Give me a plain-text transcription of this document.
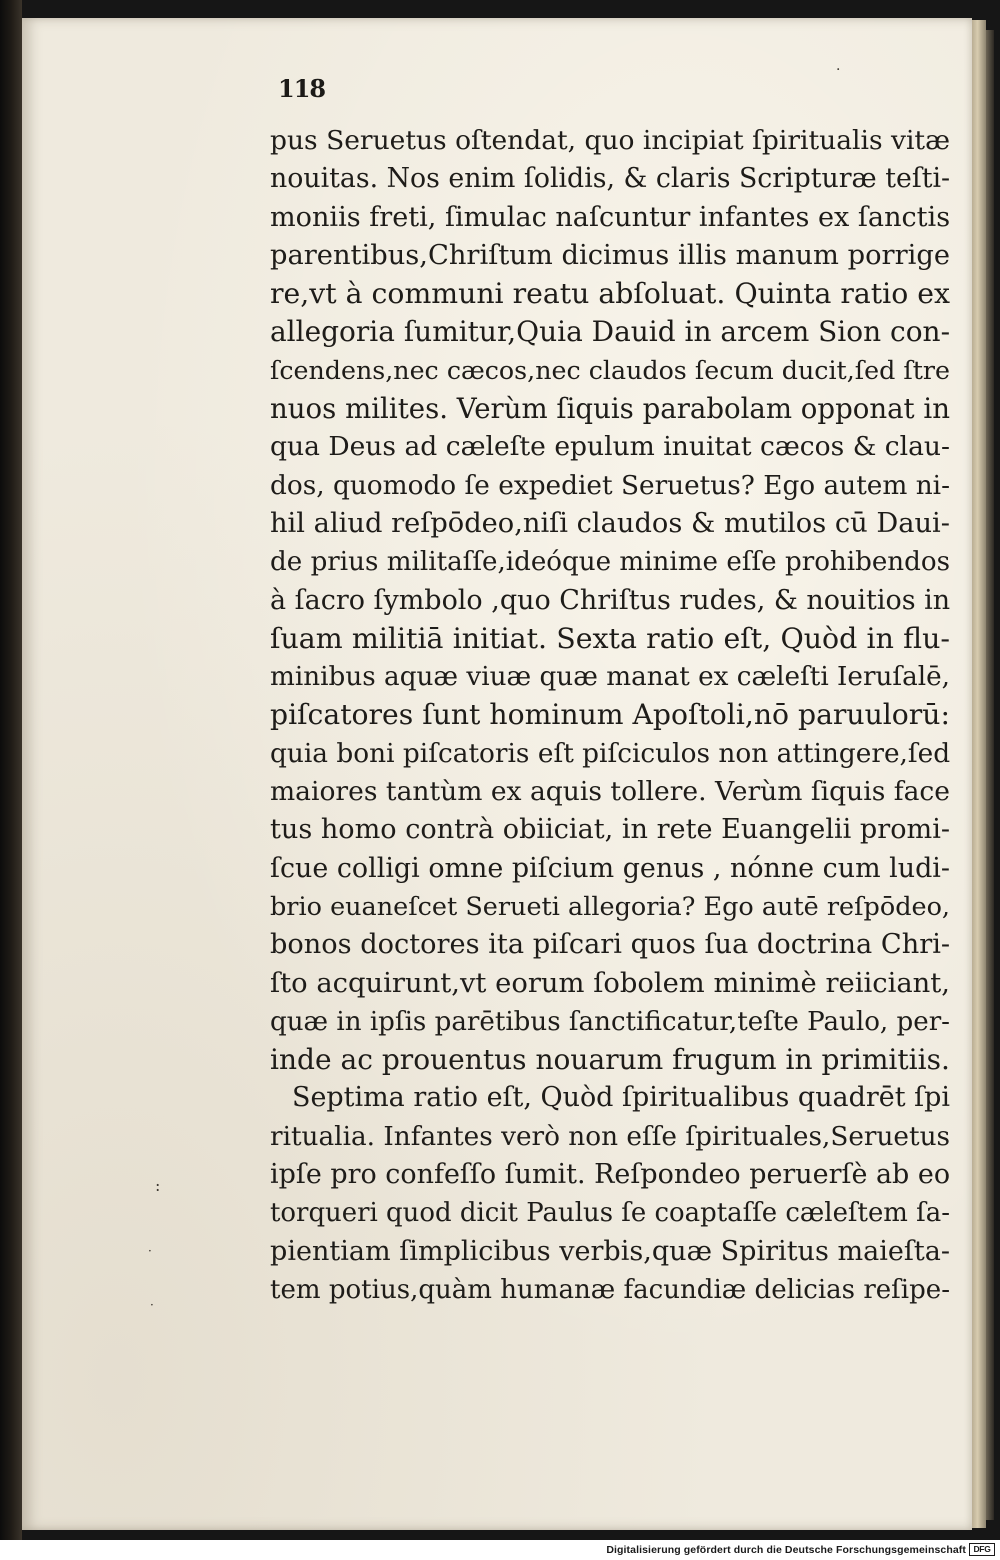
118
·
:
·
·
pus Seruetus oſtendat, quo incipiat ſpiritualis vitæ
nouitas. Nos enim ſolidis, & claris Scripturæ teſti-
moniis freti, ſimulac naſcuntur infantes ex ſanctis
parentibus,Chriſtum dicimus illis manum porrige
re,vt à communi reatu abſoluat. Quinta ratio ex
allegoria ſumitur,Quia Dauid in arcem Sion con-
ſcendens,nec cæcos,nec claudos ſecum ducit,ſed ſtre
nuos milites. Verùm ſiquis parabolam opponat in
qua Deus ad cæleſte epulum inuitat cæcos & clau-
dos, quomodo ſe expediet Seruetus? Ego autem ni-
hil aliud reſpōdeo,niſi claudos & mutilos cū Daui-
de prius militaſſe,ideóque minime eſſe prohibendos
à ſacro ſymbolo ,quo Chriſtus rudes, & nouitios in
ſuam militiā initiat. Sexta ratio eſt, Quòd in flu-
minibus aquæ viuæ quæ manat ex cæleſti Ieruſalē,
piſcatores ſunt hominum Apoſtoli,nō paruulorū:
quia boni piſcatoris eſt piſciculos non attingere,ſed
maiores tantùm ex aquis tollere. Verùm ſiquis face
tus homo contrà obiiciat, in rete Euangelii promi-
ſcue colligi omne piſcium genus , nónne cum ludi-
brio euaneſcet Serueti allegoria? Ego autē reſpōdeo,
bonos doctores ita piſcari quos ſua doctrina Chri-
ſto acquirunt,vt eorum ſobolem minimè reiiciant,
quæ in ipſis parētibus ſanctificatur,teſte Paulo, per-
inde ac prouentus nouarum frugum in primitiis.
Septima ratio eſt, Quòd ſpiritualibus quadrēt ſpi
ritualia. Infantes verò non eſſe ſpirituales,Seruetus
ipſe pro confeſſo ſumit. Reſpondeo peruerſè ab eo
torqueri quod dicit Paulus ſe coaptaſſe cæleſtem ſa-
pientiam ſimplicibus verbis,quæ Spiritus maieſta-
tem potius,quàm humanæ facundiæ delicias reſipe-
Digitalisierung gefördert durch die Deutsche Forschungsgemeinschaft DFG
